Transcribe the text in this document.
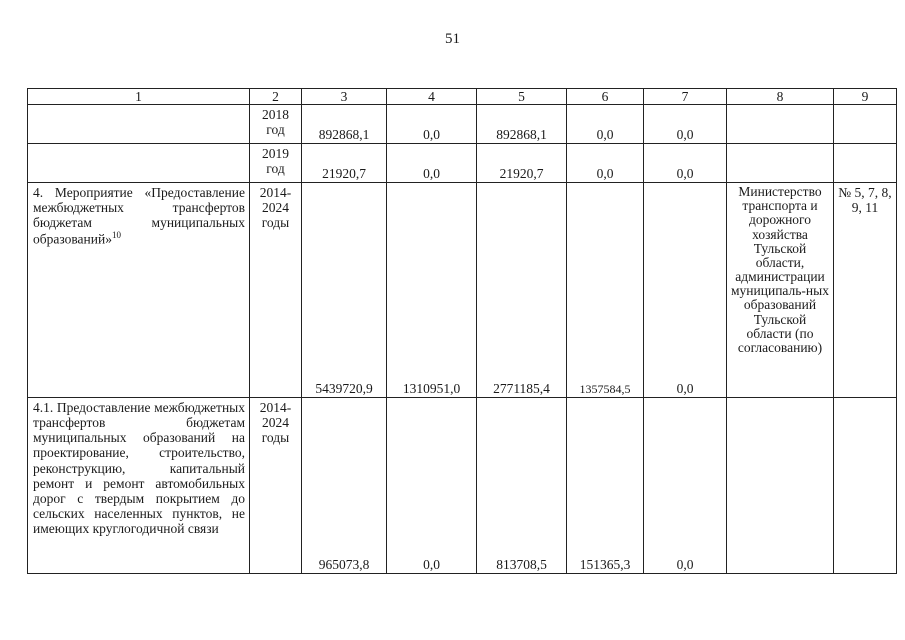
51
1	2	3	4	5	6	7	8	9
	2018 год	892868,1	0,0	892868,1	0,0	0,0		
	2019 год	21920,7	0,0	21920,7	0,0	0,0		
4. Мероприятие «Предоставление межбюджетных трансфертов бюджетам муниципальных образований»$^{10}$	2014-2024 годы	5439720,9	1310951,0	2771185,4	1357584,5	0,0	Министерство транспорта и дорожного хозяйства Тульской области, администрации муниципаль-ных образований Тульской области (по согласованию)	№ 5, 7, 8, 9, 11
4.1. Предоставление межбюджетных трансфертов бюджетам муниципальных образований на проектирование, строительство, реконструкцию, капитальный ремонт и ремонт автомобильных дорог с твердым покрытием до сельских населенных пунктов, не имеющих круглогодичной связи	2014-2024 годы	965073,8	0,0	813708,5	151365,3	0,0		
